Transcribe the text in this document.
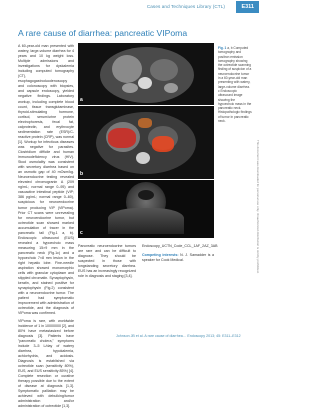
Cases and Techniques Library (CTL)	E311
A rare cause of diarrhea: pancreatic VIPoma

A 60-year-old man presented with watery, large-volume diarrhea for 4 years and 10 kg weight loss. Multiple admissions and investigations for dyskalemia including computed tomography (CT), esophagogastroduodenoscopy and colonoscopy with biopsies, and capsule endoscopy, yielded negative findings. Laboratory workup, including complete blood count, tissue transglutaminase, thyroid-stimulating hormone, cortisol, serum/urine protein electrophoresis, fecal fat, calprotectin, and erythrocyte sedimentation rate (ESR)/C-reactive protein (CRP), was normal [1]. Workup for infectious diseases was negative for parasites. Clostridium difficile and human immunodeficiency virus (HIV). Stool osmolality was consistent with secretory diarrhea based on an osmotic gap of 40 mOsm/kg. Neuroendocrine testing revealed elevated chromogranin A (209 ng/mL; normal range 0–95) and vasoactive intestinal peptide (VIP; 386 pg/mL; normal range 0–60), suspicious for neuroendocrine tumor producing VIP (VIPoma). Prior CT scans were unrevealing for neuroendocrine tumor, but octreotide scan showed marked accumulation of tracer in the pancreatic tail (Fig.1 a, b). Endoscopic ultrasound (EUS) revealed a hypoechoic mass measuring 15×9 mm in the pancreatic neck (Fig.1c) and a hypoechoic 7×8 mm lesion in the right hepatic lobe. Fine-needle aspiration showed monomorphic cells with granular cytoplasm and stippled chromatin. Synaptophysin, keratin, and stained positive for synaptophysin (Fig.2) consistent with a neuroendocrine tumor. The patient had symptomatic improvement with administration of octreotide, and the diagnosis of VIPoma was confirmed.

VIPoma is rare, with worldwide incidence of 1 in 10000000 [2], and 80% have metastasized before diagnosis [3]. Patients have "pancreatic cholera," symptoms include 3–5 L/day of watery diarrhea, hypokalemia, achlorhydria, and acidosis. Diagnosis is established via octreotide scan (sensitivity 80%), EUS, and EUS sensitivity 85%) [4]. Complete resection or curative therapy possible due to the extent of disease at diagnosis [1,3]. Symptomatic palliation may be achieved with debulking/tumor administration and/or administration of octreotide [1,3].

a
b
c
Fig. 1 a, b Computed tomography and positron emission tomography showing the octreotide scanning finding of suspicion of a neuroendocrine tumor in a 60-year-old man presenting with watery, large-volume diarrhea. c Endoscopic ultrasound image showing the hypoechoic mass in the pancreatic neck. Histopathologic findings of tumor in pancreatic neck.
This document was downloaded for personal use only. Unauthorized distribution is strictly prohibited.

Pancreatic neuroendocrine tumors are rare and can be difficult to diagnose. They should be suspected in those with longstanding secretory diarrhea. EUS has an increasingly recognized role in diagnosis and staging [3,4].

Endoscopy_UCTN_Code_CCL_1AF_2AZ_3AB

Competing interests: N. J. Samadder is a speaker for Cook Medical.

Johnson JB et al. A rare cause of diarrhea… Endoscopy 2013; 45: E311–E312
